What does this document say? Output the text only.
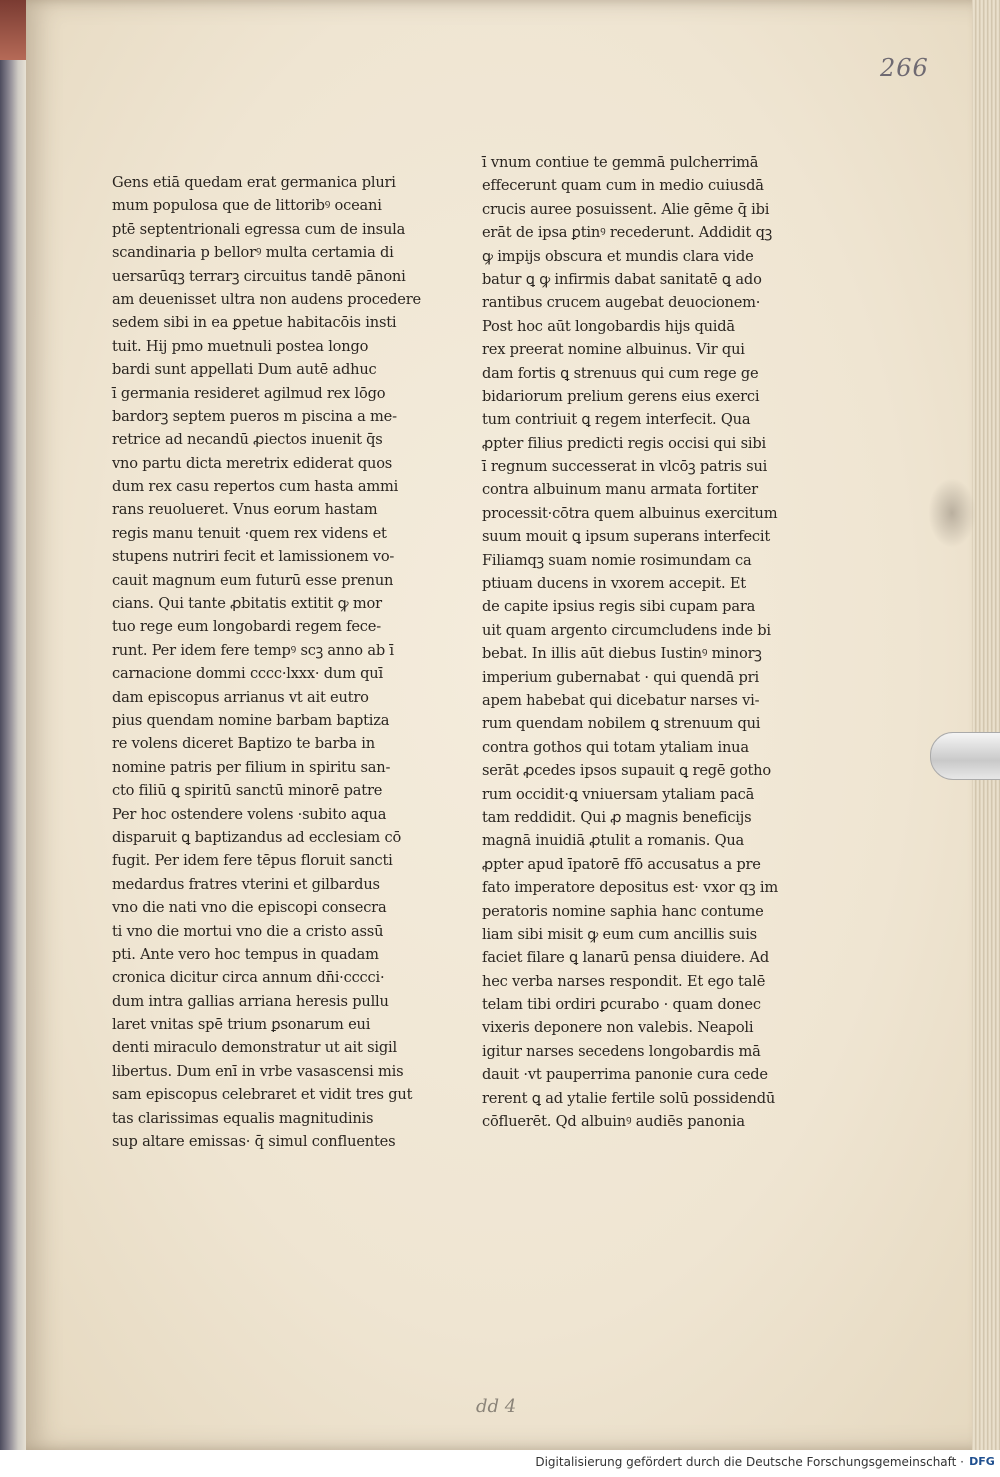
266
Gens etiā quedam erat germanica pluri
mum populosa que de littoribꝰ oceani
ptē septentrionali egressa cum de insula
scandinaria p bellorꝰ multa certamia di
uersarūqꝫ terrarꝫ circuitus tandē pānoni
am deuenisset ultra non audens procedere
sedem sibi in ea ꝑpetue habitacōis insti
tuit. Hij pmo muetnuli postea longo
bardi sunt appellati Dum autē adhuc
ī germania resideret agilmud rex lōgo
bardorꝫ septem pueros m piscina a me-
retrice ad necandū ꝓiectos inuenit q̄s
vno partu dicta meretrix ediderat quos
dum rex casu repertos cum hasta ammi
rans reuolueret. Vnus eorum hastam
regis manu tenuit ·quem rex videns et
stupens nutriri fecit et lamissionem vo-
cauit magnum eum futurū esse prenun
cians. Qui tante ꝓbitatis extitit ꝙ mor
tuo rege eum longobardi regem fece-
runt. Per idem fere tempꝰ scꝫ anno ab ī
carnacione dommi cccc·lxxx· dum quī
dam episcopus arrianus vt ait eutro
pius quendam nomine barbam baptiza
re volens diceret Baptizo te barba in
nomine patris per filium in spiritu san-
cto filiū ꝗ spiritū sanctū minorē patre
Per hoc ostendere volens ·subito aqua
disparuit ꝗ baptizandus ad ecclesiam cō
fugit. Per idem fere tēpus floruit sancti
medardus fratres vterini et gilbardus
vno die nati vno die episcopi consecra
ti vno die mortui vno die a cristo assū
pti. Ante vero hoc tempus in quadam
cronica dicitur circa annum dn̄i·cccci·
dum intra gallias arriana heresis pullu
laret vnitas spē trium ꝑsonarum eui
denti miraculo demonstratur ut ait sigil
libertus. Dum enī in vrbe vasascensi mis
sam episcopus celebraret et vidit tres gut
tas clarissimas equalis magnitudinis
sup altare emissas· q̄ simul confluentes
ī vnum contiue te gemmā pulcherrimā
effecerunt quam cum in medio cuiusdā
crucis auree posuissent. Alie gēme q̄ ibi
erāt de ipsa ꝑtinꝰ recederunt. Addidit qꝫ
ꝙ impijs obscura et mundis clara vide
batur ꝗ ꝙ infirmis dabat sanitatē ꝗ ado
rantibus crucem augebat deuocionem·
Post hoc aūt longobardis hijs quidā
rex preerat nomine albuinus. Vir qui
dam fortis ꝗ strenuus qui cum rege ge
bidariorum prelium gerens eius exerci
tum contriuit ꝗ regem interfecit. Qua
ꝓpter filius predicti regis occisi qui sibi
ī regnum successerat in vlcōꝫ patris sui
contra albuinum manu armata fortiter
processit·cōtra quem albuinus exercitum
suum mouit ꝗ ipsum superans interfecit
Filiamqꝫ suam nomie rosimundam ca
ptiuam ducens in vxorem accepit. Et
de capite ipsius regis sibi cupam para
uit quam argento circumcludens inde bi
bebat. In illis aūt diebus Iustinꝰ minorꝫ
imperium gubernabat · qui quendā pri
apem habebat qui dicebatur narses vi-
rum quendam nobilem ꝗ strenuum qui
contra gothos qui totam ytaliam inua
serāt ꝓcedes ipsos supauit ꝗ regē gotho
rum occidit·ꝗ vniuersam ytaliam pacā
tam reddidit. Qui ꝓ magnis beneficijs
magnā inuidiā ꝓtulit a romanis. Qua
ꝓpter apud īpatorē ffō accusatus a pre
fato imperatore depositus est· vxor qꝫ im
peratoris nomine saphia hanc contume
liam sibi misit ꝙ eum cum ancillis suis
faciet filare ꝗ lanarū pensa diuidere. Ad
hec verba narses respondit. Et ego talē
telam tibi ordiri ꝑcurabo · quam donec
vixeris deponere non valebis. Neapoli
igitur narses secedens longobardis mā
dauit ·vt pauperrima panonie cura cede
rerent ꝗ ad ytalie fertile solū possidendū
cōfluerēt. Qd albuinꝰ audiēs panonia
dd 4
Digitalisierung gefördert durch die Deutsche Forschungsgemeinschaft · DFG
